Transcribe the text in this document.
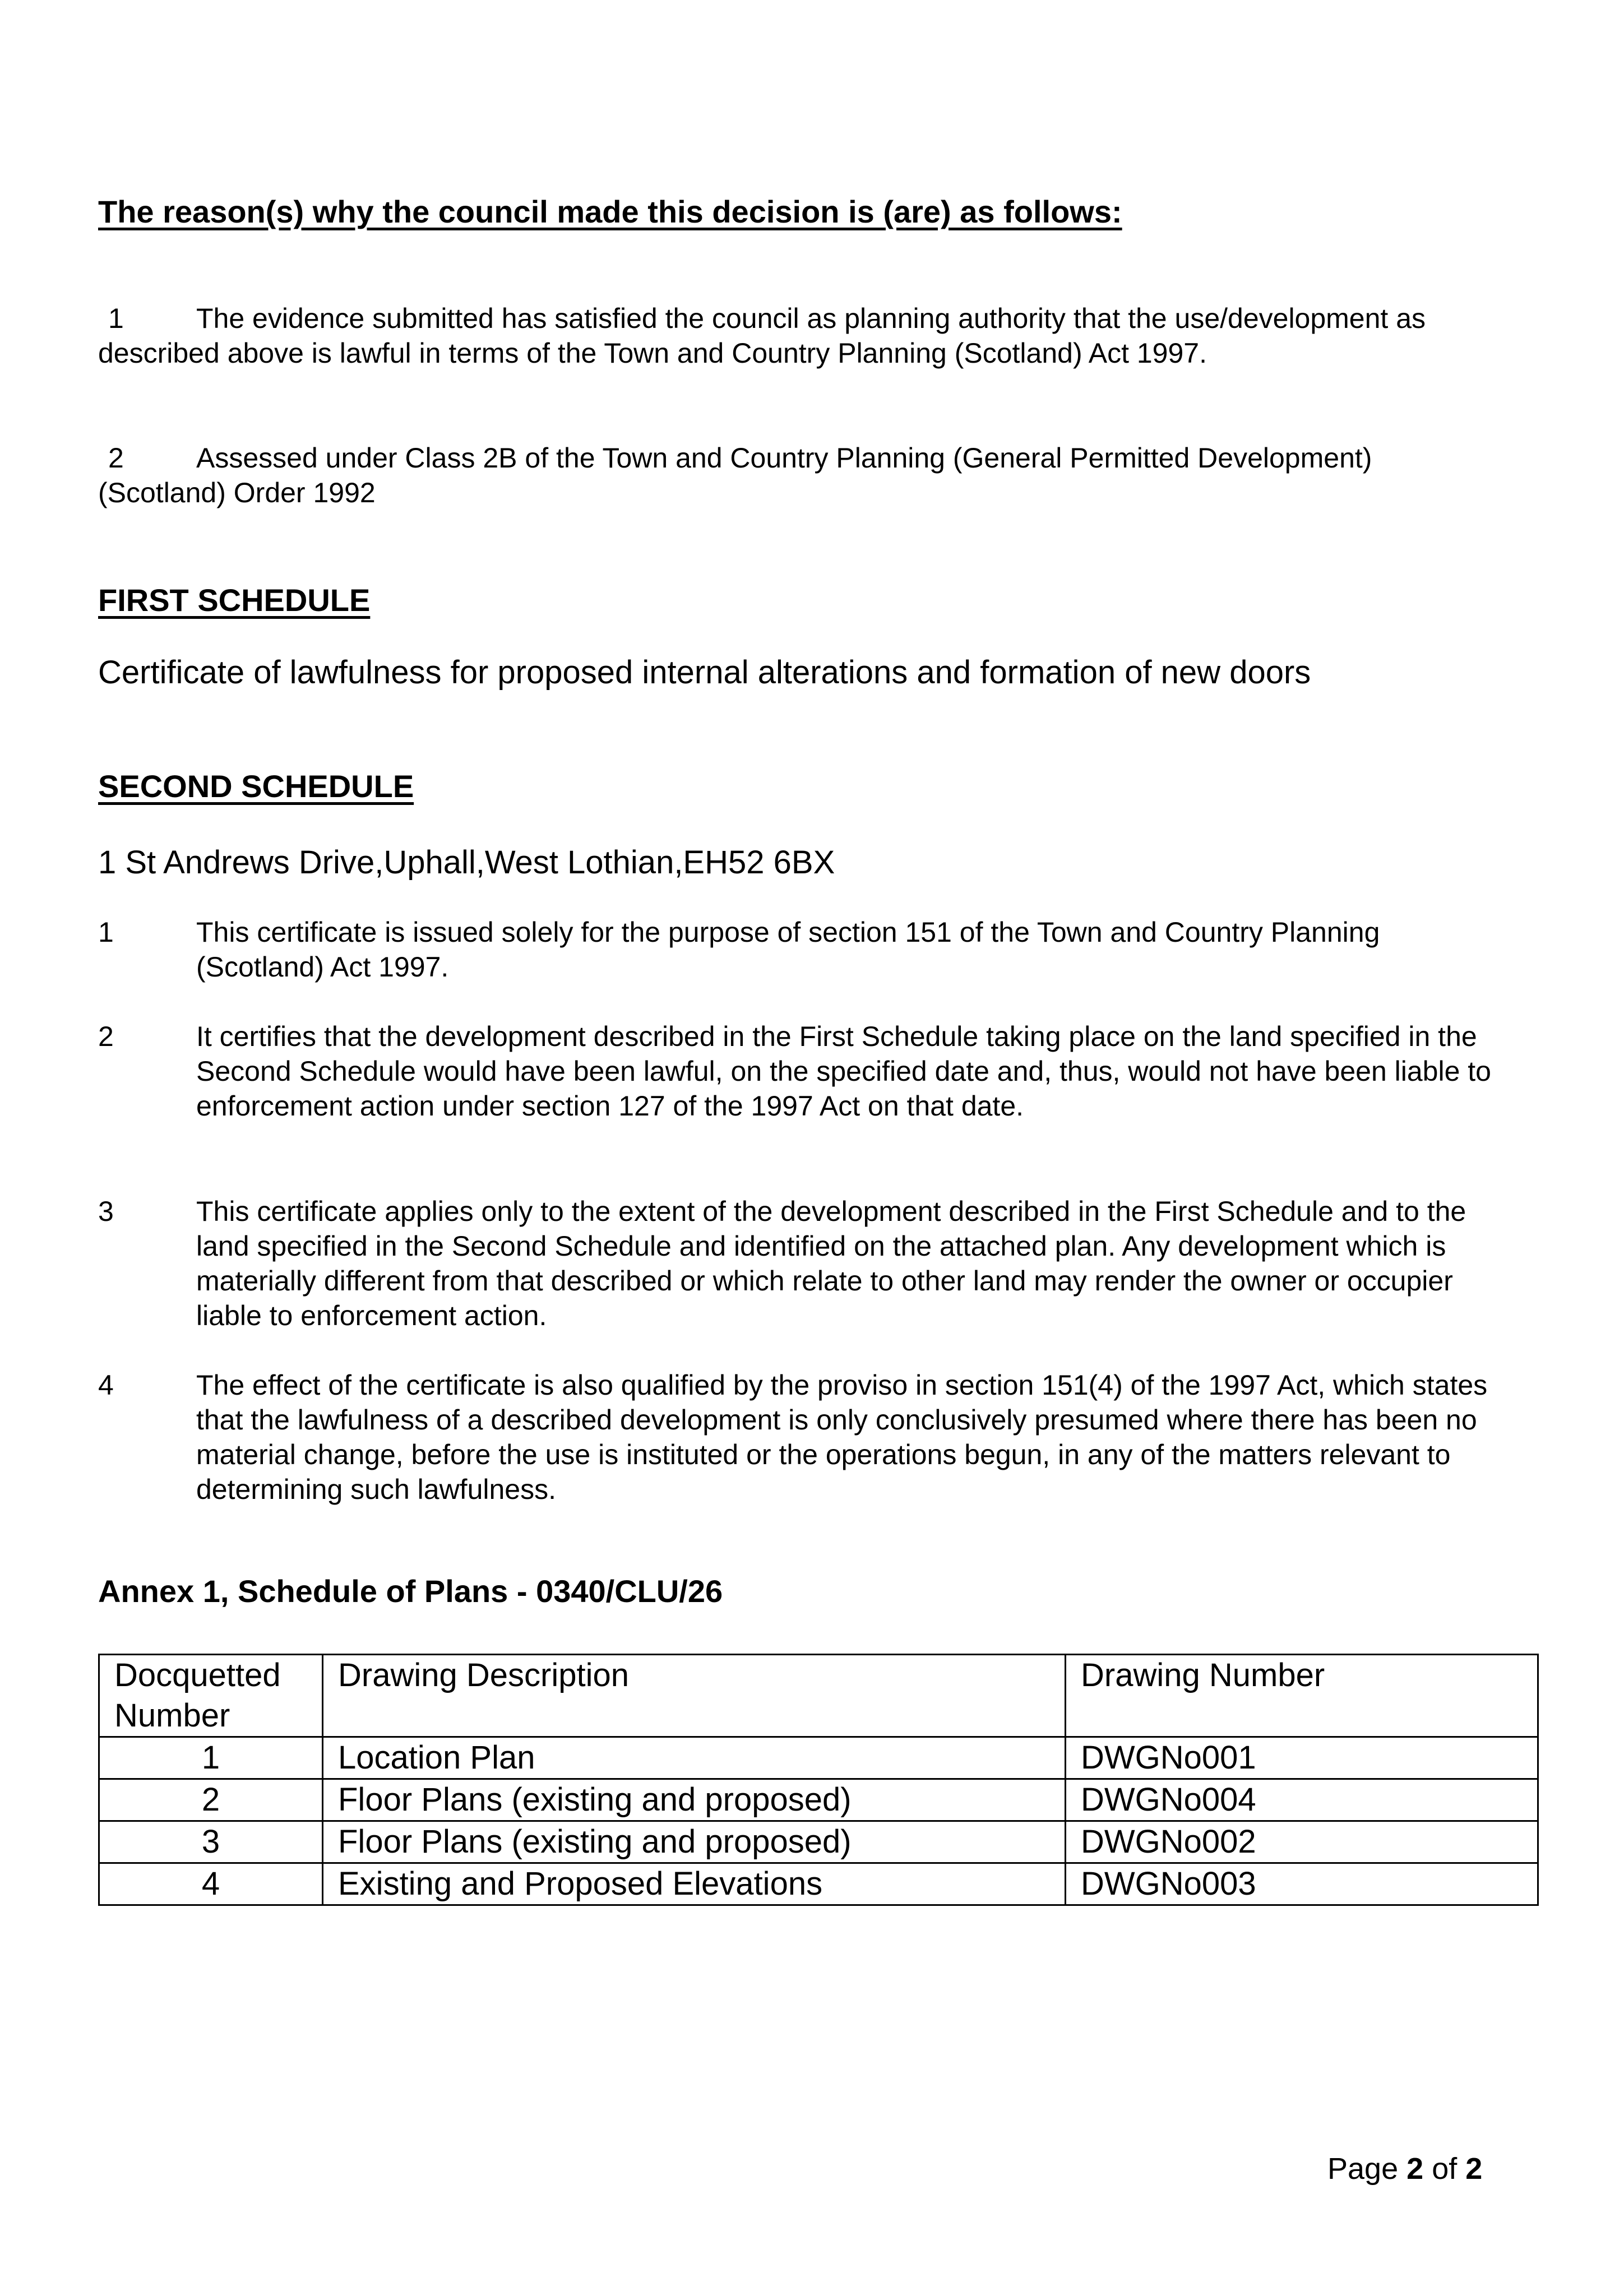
The reason(s) why the council made this decision is (are) as follows:
1	The evidence submitted has satisfied the council as planning authority that the use/development as described above is lawful in terms of the Town and Country Planning (Scotland) Act 1997.
2	Assessed under Class 2B of the Town and Country Planning (General Permitted Development)(Scotland) Order 1992
FIRST SCHEDULE
Certificate of lawfulness for proposed internal alterations and formation of new doors
SECOND SCHEDULE
1 St Andrews Drive,Uphall,West Lothian,EH52 6BX
1	This certificate is issued solely for the purpose of section 151 of the Town and Country Planning (Scotland) Act 1997.
2	It certifies that the development described in the First Schedule taking place on the land specified in the Second Schedule would have been lawful, on the specified date and, thus, would not have been liable to enforcement action under section 127 of the 1997 Act on that date.
3	This certificate applies only to the extent of the development described in the First Schedule and to the land specified in the Second Schedule and identified on the attached plan. Any development which is materially different from that described or which relate to other land may render the owner or occupier liable to enforcement action.
4	The effect of the certificate is also qualified by the proviso in section 151(4) of the 1997 Act, which states that the lawfulness of a described development is only conclusively presumed where there has been no material change, before the use is instituted or the operations begun, in any of the matters relevant to determining such lawfulness.
Annex 1, Schedule of Plans - 0340/CLU/26
Docquetted Number	Drawing Description	Drawing Number
1	Location Plan	DWGNo001
2	Floor Plans (existing and proposed)	DWGNo004
3	Floor Plans (existing and proposed)	DWGNo002
4	Existing and Proposed Elevations	DWGNo003
Page 2 of 2
